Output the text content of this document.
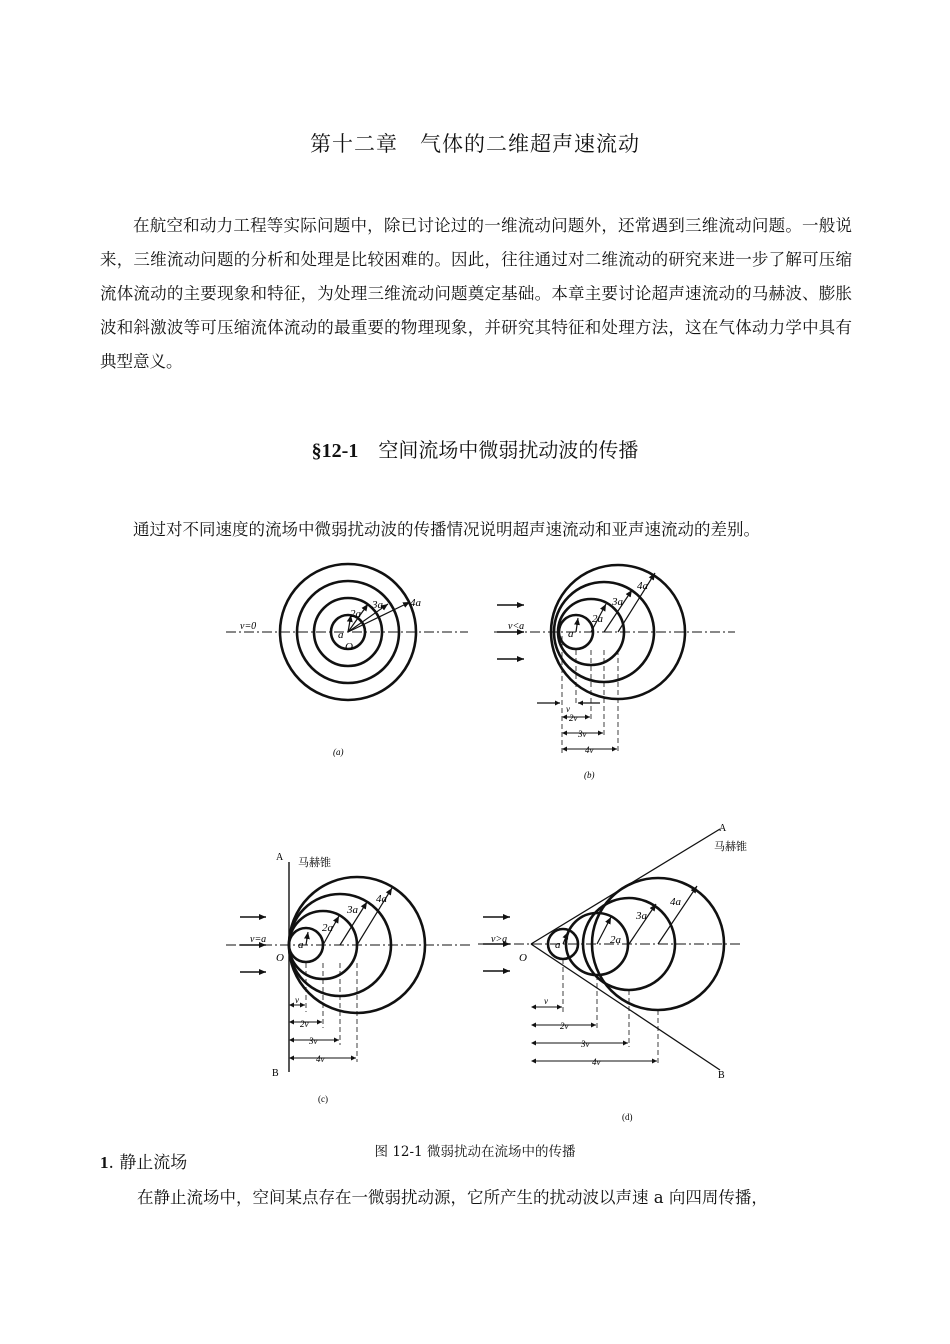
第十二章　气体的二维超声速流动

在航空和动力工程等实际问题中，除已讨论过的一维流动问题外，还常遇到三维流动问题。一般说来，三维流动问题的分析和处理是比较困难的。因此，往往通过对二维流动的研究来进一步了解可压缩流体流动的主要现象和特征，为处理三维流动问题奠定基础。本章主要讨论超声速流动的马赫波、膨胀波和斜激波等可压缩流体流动的最重要的物理现象，并研究其特征和处理方法，这在气体动力学中具有典型意义。

§12-1　 空间流场中微弱扰动波的传播

通过对不同速度的流场中微弱扰动波的传播情况说明超声速流动和亚声速流动的差别。

a
2a
3a 4a
O
v=0
(a)
a
2a
3a
4a
v<a
v
2v
3v
4v
(b)
A
B
马赫锥
a
2a
3a
4a
O
v=a
v
2v
3v
4v
(c)
A
B
马赫锥
a	2a
3a
4a
O
v>a
v
2v
3v
4v
(d)
图 12-1 微弱扰动在流场中的传播
1. 静止流场

在静止流场中，空间某点存在一微弱扰动源，它所产生的扰动波以声速 a 向四周传播，
